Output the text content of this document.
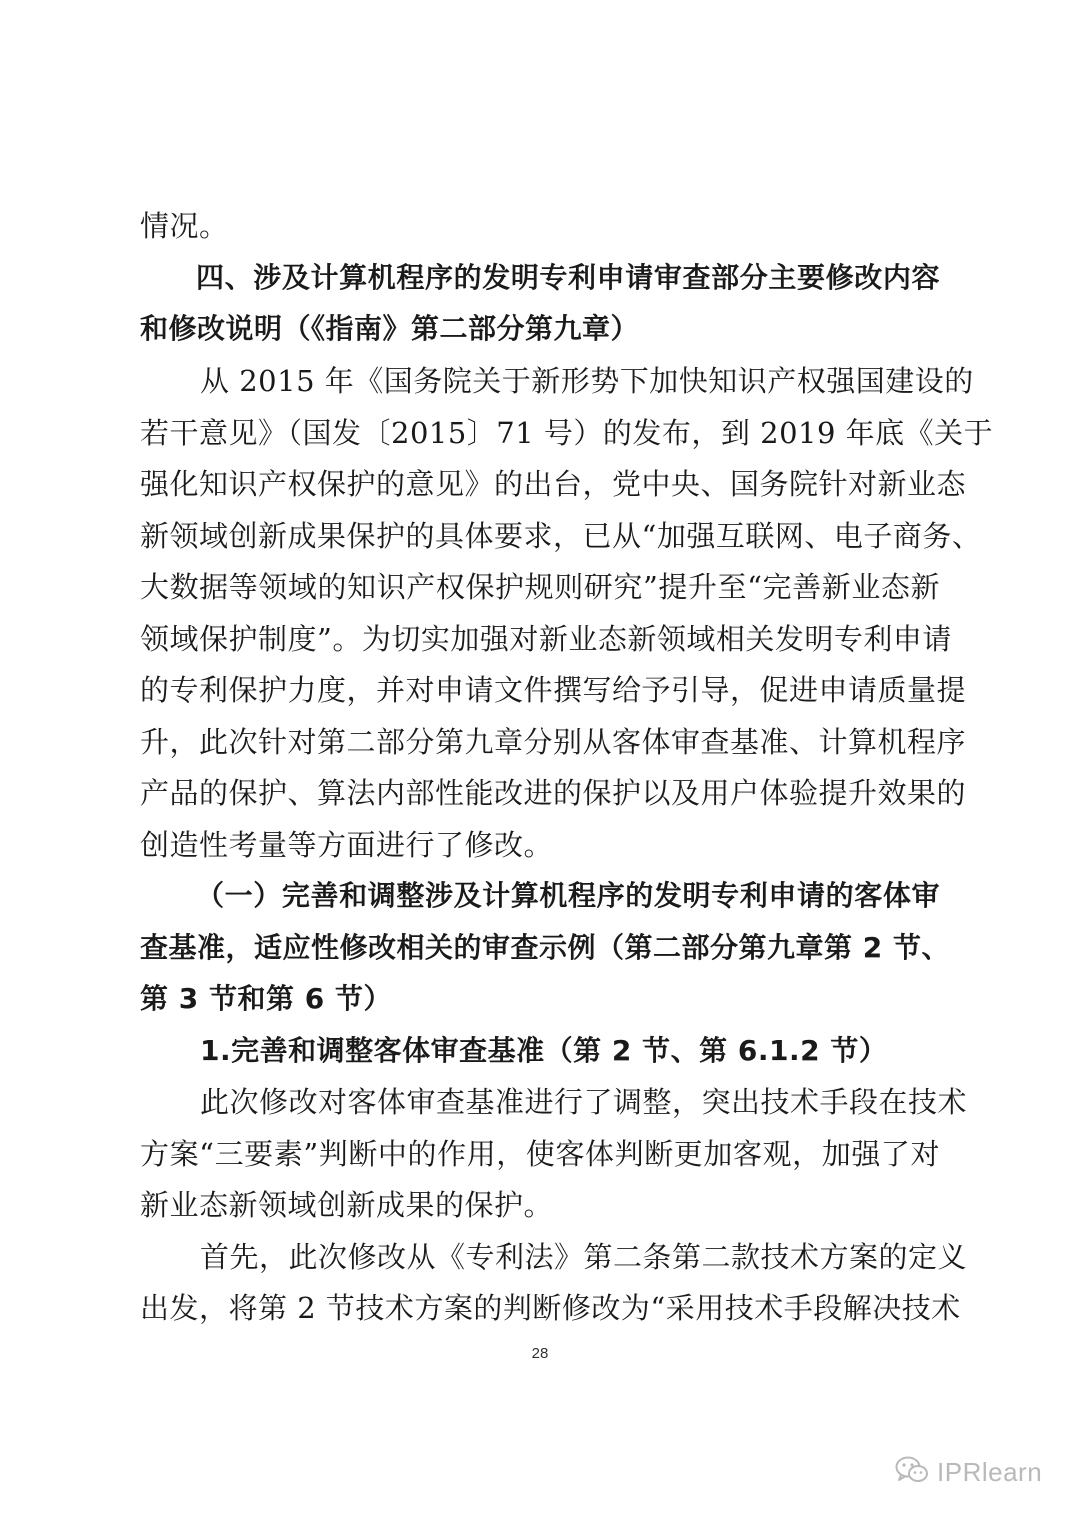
情况。
四、涉及计算机程序的发明专利申请审查部分主要修改内容
和修改说明（《指南》第二部分第九章）
从 2015 年《国务院关于新形势下加快知识产权强国建设的
若干意见》（国发〔2015〕71 号）的发布，到 2019 年底《关于
强化知识产权保护的意见》的出台，党中央、国务院针对新业态
新领域创新成果保护的具体要求，已从“加强互联网、电子商务、
大数据等领域的知识产权保护规则研究”提升至“完善新业态新
领域保护制度”。为切实加强对新业态新领域相关发明专利申请
的专利保护力度，并对申请文件撰写给予引导，促进申请质量提
升，此次针对第二部分第九章分别从客体审查基准、计算机程序
产品的保护、算法内部性能改进的保护以及用户体验提升效果的
创造性考量等方面进行了修改。
（一）完善和调整涉及计算机程序的发明专利申请的客体审
查基准，适应性修改相关的审查示例（第二部分第九章第 2 节、
第 3 节和第 6 节）
1.完善和调整客体审查基准（第 2 节、第 6.1.2 节）
此次修改对客体审查基准进行了调整，突出技术手段在技术
方案“三要素”判断中的作用，使客体判断更加客观，加强了对
新业态新领域创新成果的保护。
首先，此次修改从《专利法》第二条第二款技术方案的定义
出发，将第 2 节技术方案的判断修改为“采用技术手段解决技术
28
IPRlearn
